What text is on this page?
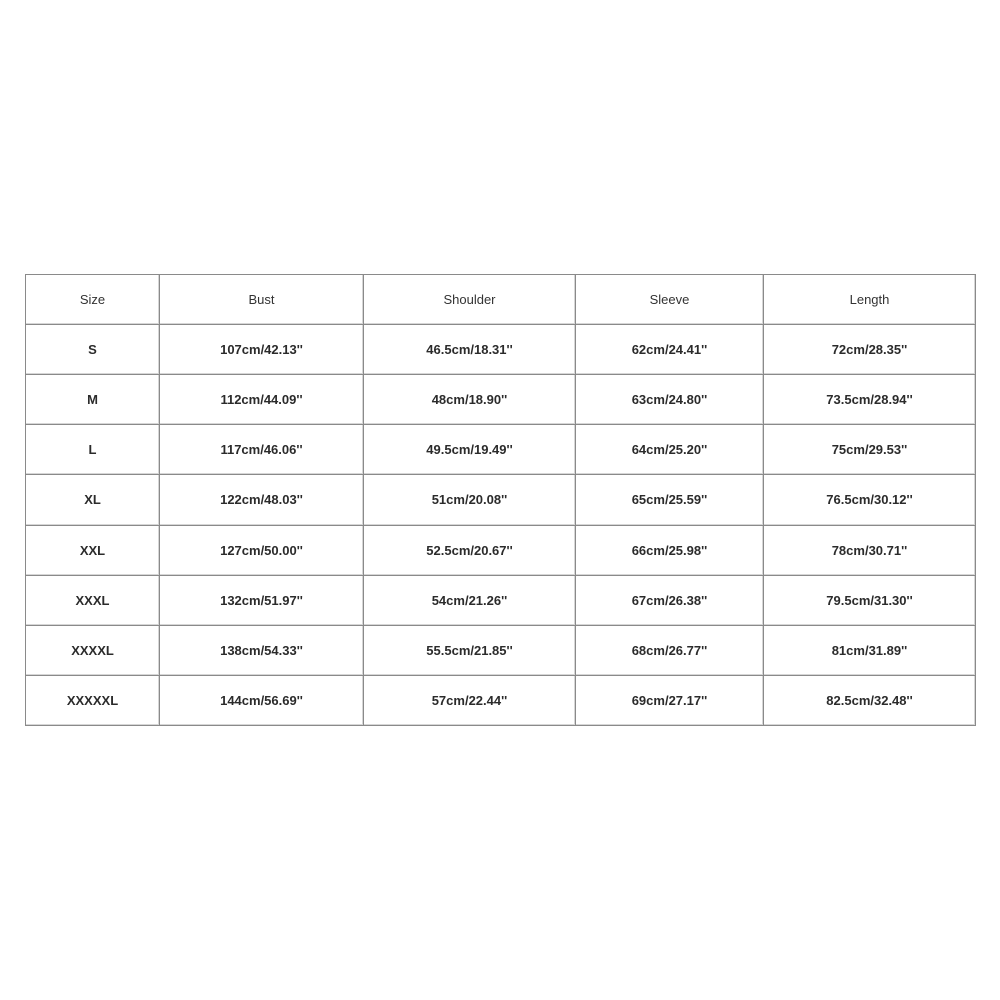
Size	Bust	Shoulder	Sleeve	Length
S	107cm/42.13''	46.5cm/18.31''	62cm/24.41''	72cm/28.35''
M	112cm/44.09''	48cm/18.90''	63cm/24.80''	73.5cm/28.94''
L	117cm/46.06''	49.5cm/19.49''	64cm/25.20''	75cm/29.53''
XL	122cm/48.03''	51cm/20.08''	65cm/25.59''	76.5cm/30.12''
XXL	127cm/50.00''	52.5cm/20.67''	66cm/25.98''	78cm/30.71''
XXXL	132cm/51.97''	54cm/21.26''	67cm/26.38''	79.5cm/31.30''
XXXXL	138cm/54.33''	55.5cm/21.85''	68cm/26.77''	81cm/31.89''
XXXXXL	144cm/56.69''	57cm/22.44''	69cm/27.17''	82.5cm/32.48''
